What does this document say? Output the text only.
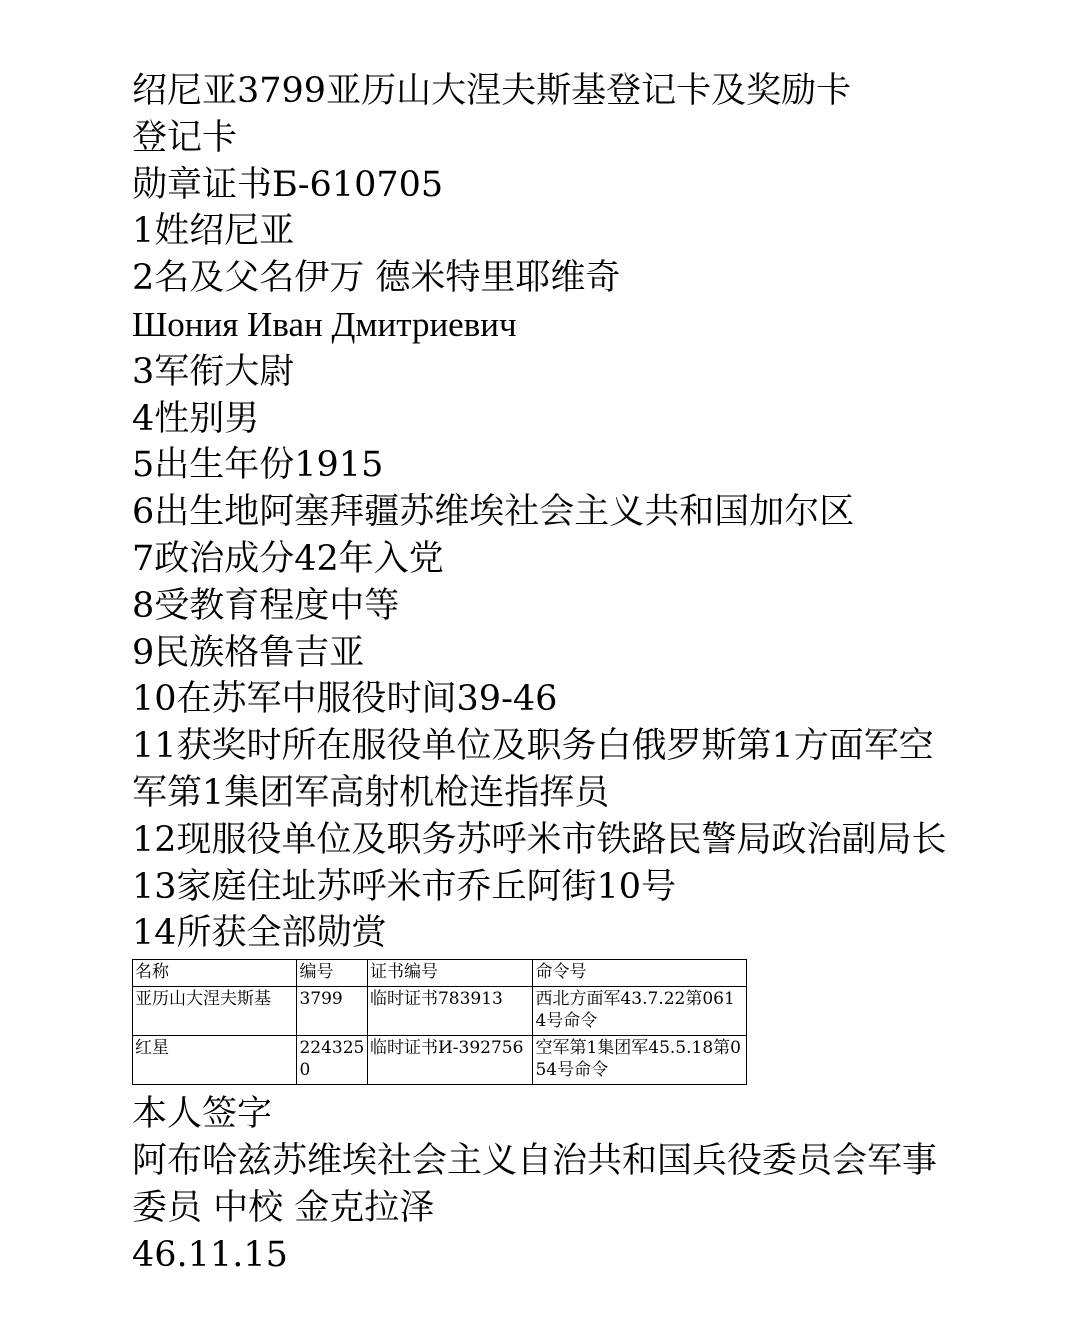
绍尼亚3799亚历山大涅夫斯基登记卡及奖励卡

登记卡

勋章证书Б-610705

1姓绍尼亚

2名及父名伊万 德米特里耶维奇

Шония Иван Дмитриевич

3军衔大尉

4性别男

5出生年份1915

6出生地阿塞拜疆苏维埃社会主义共和国加尔区

7政治成分42年入党

8受教育程度中等

9民族格鲁吉亚

10在苏军中服役时间39-46

11获奖时所在服役单位及职务白俄罗斯第1方面军空军第1集团军高射机枪连指挥员

12现服役单位及职务苏呼米市铁路民警局政治副局长

13家庭住址苏呼米市乔丘阿街10号

14所获全部勋赏

名称	编号	证书编号	命令号
亚历山大涅夫斯基	3799	临时证书783913	西北方面军43.7.22第0614号命令
红星	2243250	临时证书И-392756	空军第1集团军45.5.18第054号命令

本人签字

阿布哈兹苏维埃社会主义自治共和国兵役委员会军事委员 中校 金克拉泽

46.11.15
